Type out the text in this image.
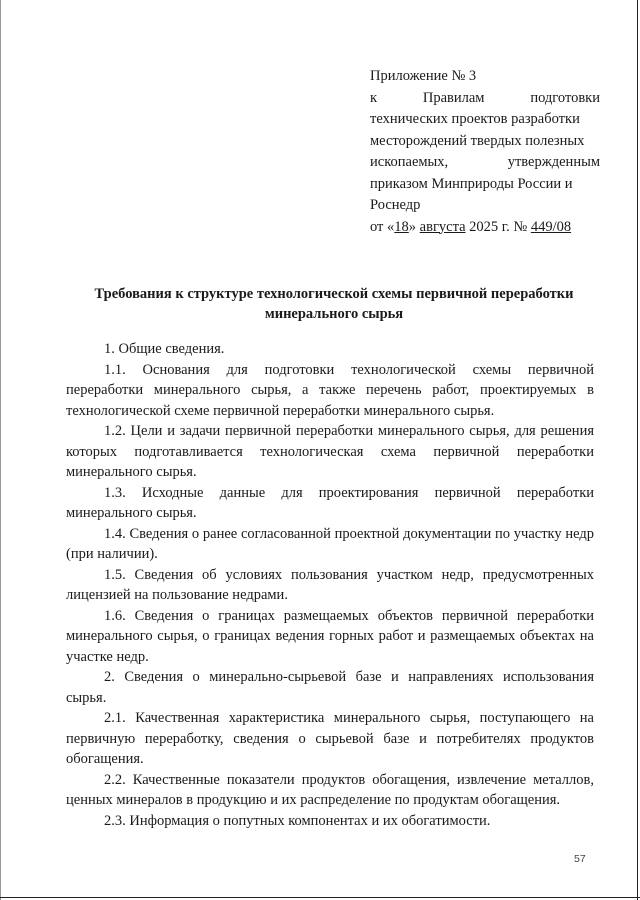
Приложение № 3
к	Правилам	подготовки
технических проектов разработки
месторождений твердых полезных
ископаемых,	утвержденным
приказом Минприроды России и
Роснедр
от «18» августа 2025 г. № 449/08
Требования к структуре технологической схемы первичной переработки
минерального сырья

1. Общие сведения.

1.1. Основания для подготовки технологической схемы первичной переработки минерального сырья, а также перечень работ, проектируемых в технологической схеме первичной переработки минерального сырья.

1.2. Цели и задачи первичной переработки минерального сырья, для решения которых подготавливается технологическая схема первичной переработки минерального сырья.

1.3. Исходные данные для проектирования первичной переработки минерального сырья.

1.4. Сведения о ранее согласованной проектной документации по участку недр (при наличии).

1.5. Сведения об условиях пользования участком недр, предусмотренных лицензией на пользование недрами.

1.6. Сведения о границах размещаемых объектов первичной переработки минерального сырья, о границах ведения горных работ и размещаемых объектах на участке недр.

2. Сведения о минерально-сырьевой базе и направлениях использования сырья.

2.1. Качественная характеристика минерального сырья, поступающего на первичную переработку, сведения о сырьевой базе и потребителях продуктов обогащения.

2.2. Качественные показатели продуктов обогащения, извлечение металлов, ценных минералов в продукцию и их распределение по продуктам обогащения.

2.3. Информация о попутных компонентах и их обогатимости.

57
